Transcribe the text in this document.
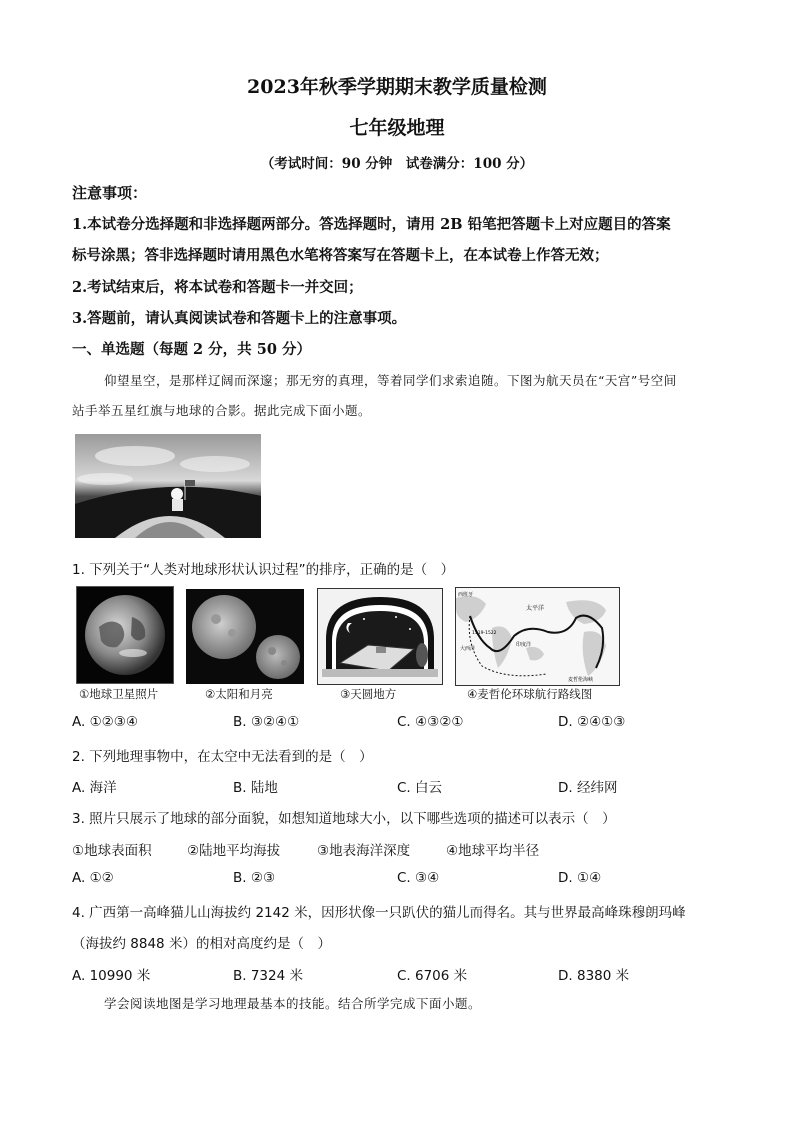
2023年秋季学期期末教学质量检测
七年级地理
（考试时间：90 分钟　试卷满分：100 分）
注意事项：
1.本试卷分选择题和非选择题两部分。答选择题时，请用 2B 铅笔把答题卡上对应题目的答案
标号涂黑；答非选择题时请用黑色水笔将答案写在答题卡上，在本试卷上作答无效；
2.考试结束后，将本试卷和答题卡一并交回；
3.答题前，请认真阅读试卷和答题卡上的注意事项。
一、单选题（每题 2 分，共 50 分）
仰望星空，是那样辽阔而深邃；那无穷的真理，等着同学们求索追随。下图为航天员在“天宫”号空间
站手举五星红旗与地球的合影。据此完成下面小题。
1. 下列关于“人类对地球形状认识过程”的排序，正确的是（　）
①地球卫星照片	②太阳和月亮	③天圆地方
西班牙
太平洋
印度洋
大西洋
麦哲伦海峡
1519-1522
④麦哲伦环球航行路线图
A. ①②③④	B. ③②④①	C. ④③②①	D. ②④①③
2. 下列地理事物中，在太空中无法看到的是（　）
A. 海洋	B. 陆地	C. 白云	D. 经纬网
3. 照片只展示了地球的部分面貌，如想知道地球大小，以下哪些选项的描述可以表示（　）
①地球表面积	②陆地平均海拔	③地表海洋深度	④地球平均半径
A. ①②	B. ②③	C. ③④	D. ①④
4. 广西第一高峰猫儿山海拔约 2142 米，因形状像一只趴伏的猫儿而得名。其与世界最高峰珠穆朗玛峰
（海拔约 8848 米）的相对高度约是（　）
A. 10990 米	B. 7324 米	C. 6706 米	D. 8380 米
学会阅读地图是学习地理最基本的技能。结合所学完成下面小题。
